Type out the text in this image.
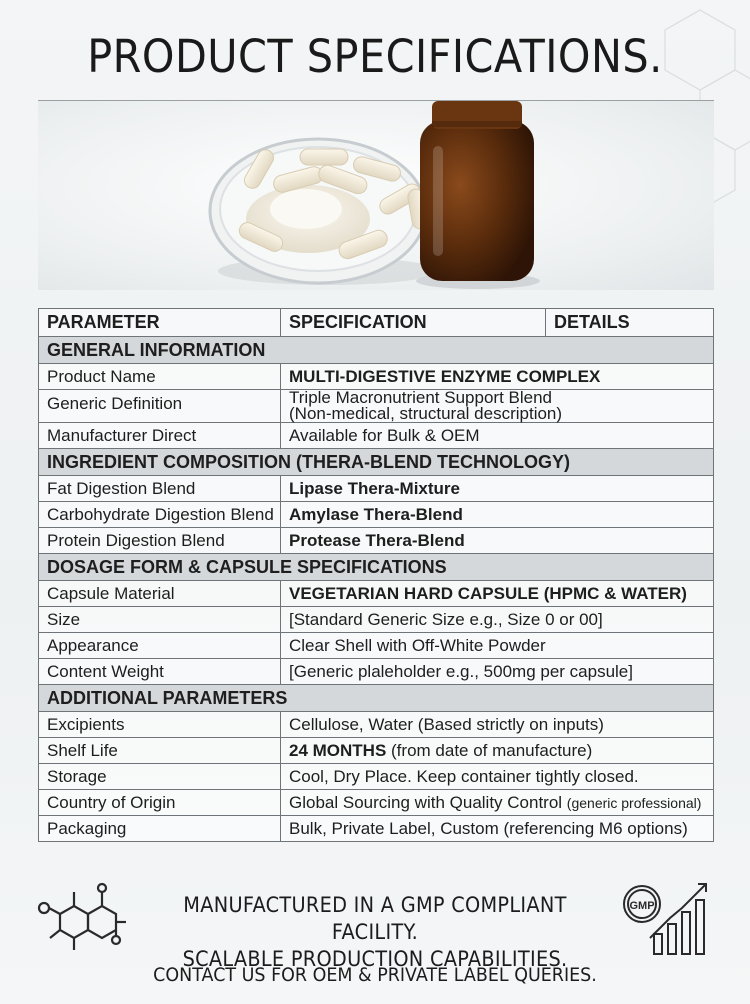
PRODUCT SPECIFICATIONS.
PARAMETER	SPECIFICATION	DETAILS
GENERAL INFORMATION		
Product Name	MULTI-DIGESTIVE ENZYME COMPLEX	
Generic Definition	Triple Macronutrient Support Blend
(Non-medical, structural description)	

Manufacturer Direct	Available for Bulk & OEM	
INGREDIENT COMPOSITION (THERA-BLEND TECHNOLOGY)		
Fat Digestion Blend	Lipase Thera-Mixture	
Carbohydrate Digestion Blend	Amylase Thera-Blend	
Protein Digestion Blend	Protease Thera-Blend	
DOSAGE FORM & CAPSULE SPECIFICATIONS		
Capsule Material	VEGETARIAN HARD CAPSULE (HPMC & WATER)	
Size	[Standard Generic Size e.g., Size 0 or 00]	
Appearance	Clear Shell with Off-White Powder	
Content Weight	[Generic plaleholder e.g., 500mg per capsule]	
ADDITIONAL PARAMETERS		
Excipients	Cellulose, Water (Based strictly on inputs)	
Shelf Life	24 MONTHS (from date of manufacture)	
Storage	Cool, Dry Place. Keep container tightly closed.	
Country of Origin	Global Sourcing with Quality Control (generic professional)	
Packaging	Bulk, Private Label, Custom (referencing M6 options)	
MANUFACTURED IN A GMP COMPLIANT FACILITY.
SCALABLE PRODUCTION CAPABILITIES.
GMP
CONTACT US FOR OEM & PRIVATE LABEL QUERIES.
